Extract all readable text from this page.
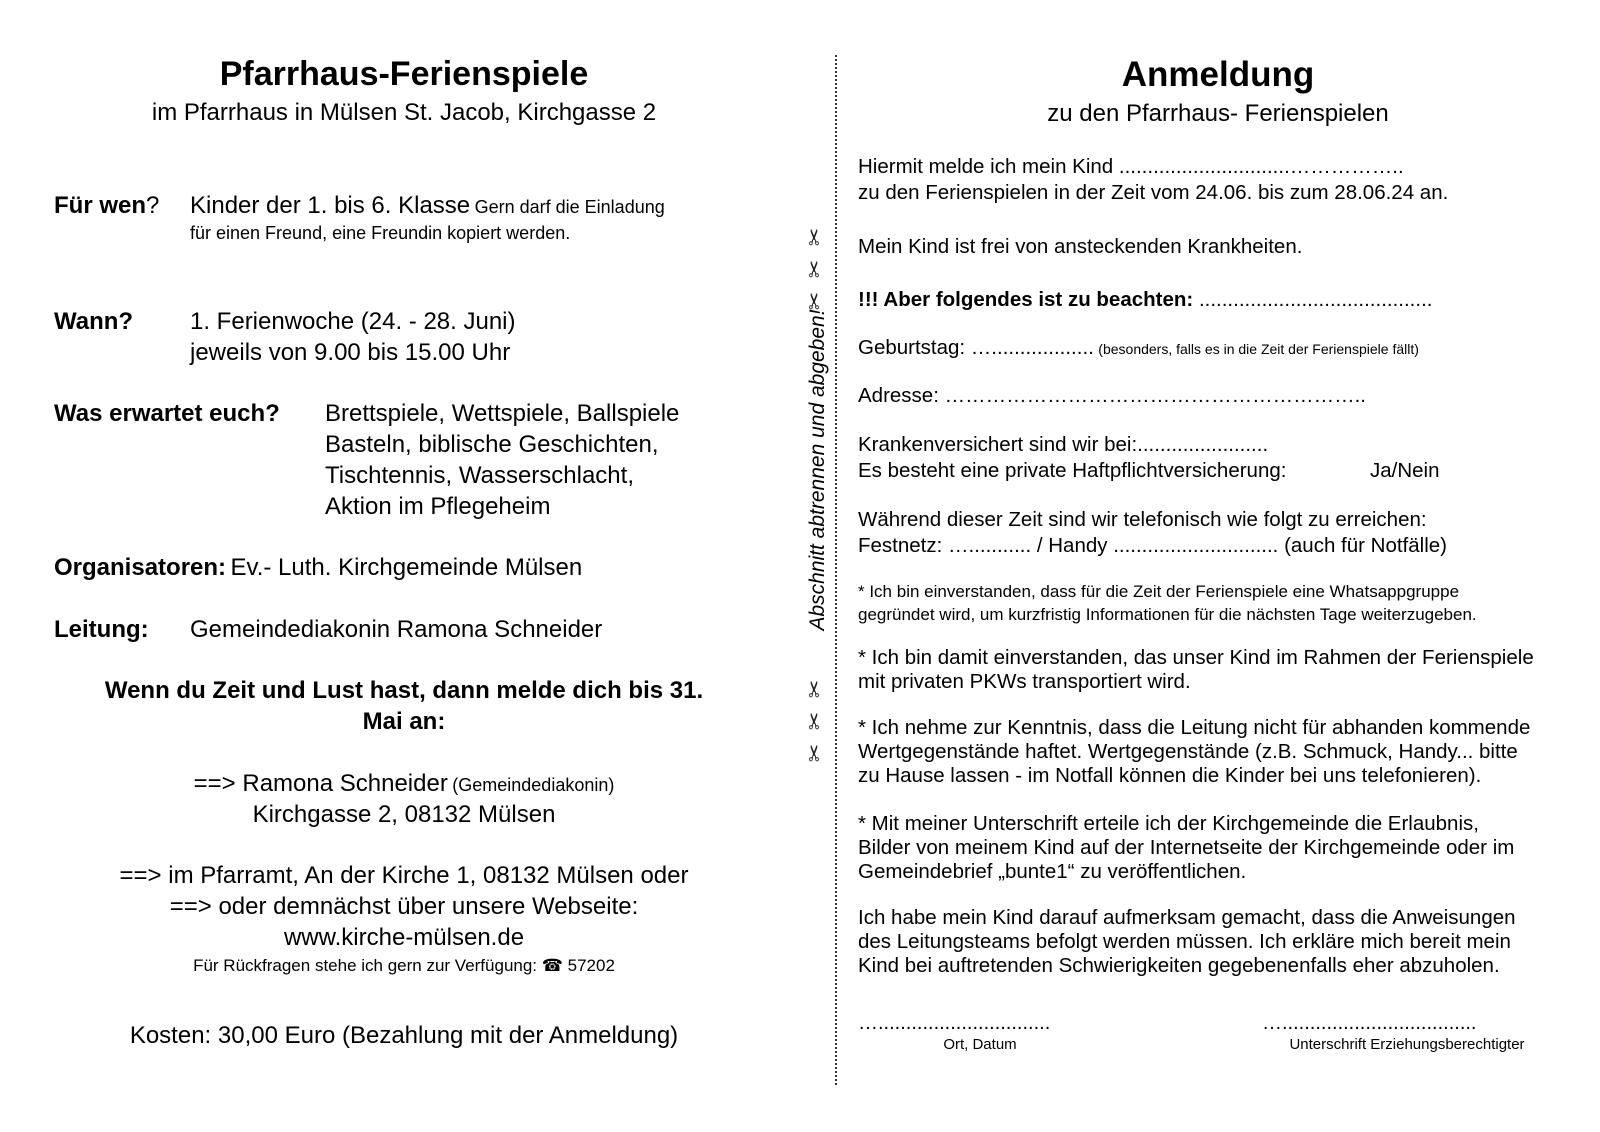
Pfarrhaus-Ferienspiele
im Pfarrhaus in Mülsen St. Jacob, Kirchgasse 2
Für wen? Kinder der 1. bis 6. Klasse Gern darf die Einladung
für einen Freund, eine Freundin kopiert werden.
Wann? 1. Ferienwoche (24. - 28. Juni)
jeweils von 9.00 bis 15.00 Uhr
Was erwartet euch? Brettspiele, Wettspiele, Ballspiele
Basteln, biblische Geschichten,
Tischtennis, Wasserschlacht,
Aktion im Pflegeheim
Organisatoren: Ev.- Luth. Kirchgemeinde Mülsen
Leitung: Gemeindediakonin Ramona Schneider
Wenn du Zeit und Lust hast, dann melde dich bis 31.
Mai an:
==> Ramona Schneider (Gemeindediakonin)
Kirchgasse 2, 08132 Mülsen
==> im Pfarramt, An der Kirche 1, 08132 Mülsen oder
==> oder demnächst über unsere Webseite:
www.kirche-mülsen.de
Für Rückfragen stehe ich gern zur Verfügung: ☎ 57202
Kosten: 30,00 Euro (Bezahlung mit der Anmeldung)
✂
✂
✂
Abschnitt abtrennen und abgeben!
✂
✂
✂
Anmeldung
zu den Pfarrhaus- Ferienspielen
Hiermit melde ich mein Kind ..............................……………..
zu den Ferienspielen in der Zeit vom 24.06. bis zum 28.06.24 an.
Mein Kind ist frei von ansteckenden Krankheiten.
!!! Aber folgendes ist zu beachten: .........................................
Geburtstag: ….................. (besonders, falls es in die Zeit der Ferienspiele fällt)
Adresse: ……………………………………………………..
Krankenversichert sind wir bei:.......................
Es besteht eine private Haftpflichtversicherung:	Ja/Nein
Während dieser Zeit sind wir telefonisch wie folgt zu erreichen:
Festnetz: …........... / Handy ............................. (auch für Notfälle)
* Ich bin einverstanden, dass für die Zeit der Ferienspiele eine Whatsappgruppe
gegründet wird, um kurzfristig Informationen für die nächsten Tage weiterzugeben.
* Ich bin damit einverstanden, das unser Kind im Rahmen der Ferienspiele
mit privaten PKWs transportiert wird.
* Ich nehme zur Kenntnis, dass die Leitung nicht für abhanden kommende
Wertgegenstände haftet. Wertgegenstände (z.B. Schmuck, Handy... bitte
zu Hause lassen - im Notfall können die Kinder bei uns telefonieren).
* Mit meiner Unterschrift erteile ich der Kirchgemeinde die Erlaubnis,
Bilder von meinem Kind auf der Internetseite der Kirchgemeinde oder im
Gemeindebrief „bunte1“ zu veröffentlichen.
Ich habe mein Kind darauf aufmerksam gemacht, dass die Anweisungen
des Leitungsteams befolgt werden müssen. Ich erkläre mich bereit mein
Kind bei auftretenden Schwierigkeiten gegebenenfalls eher abzuholen.
…...............................
Ort, Datum
…...................................
Unterschrift Erziehungsberechtigter
